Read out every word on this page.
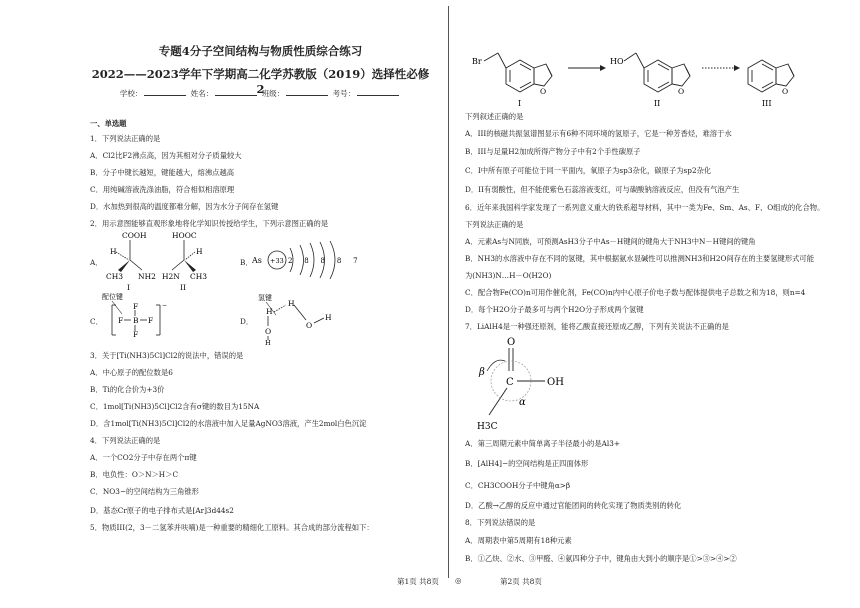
专题4分子空间结构与物质性质综合练习
2022——2023学年下学期高二化学苏教版（2019）选择性必修2
学校：	姓名：	班级：	考号：
一、单选题
1．下列说法正确的是
A．Cl2比F2沸点高，因为其相对分子质量较大
B．分子中键长越短，键能越大，熔沸点越高
C．用纯碱溶液洗涤油脂，符合相似相溶原理
D．水加热到很高的温度都难分解，因为水分子间存在氢键
2．用示意图能够直观形象地将化学知识传授给学生，下列示意图正确的是
A．
COOH
H
CH3 NH2
I
HOOC
H
H2N CH3
II
B． As +33 2 8 8 8 7
C．
配位键
−
F
B
F
F	F	D．
氢键
H
O
H
H
O
H
3．关于[Ti(NH3)5Cl]Cl2的说法中，错误的是
A．中心原子的配位数是6
B．Ti的化合价为+3价
C．1mol[Ti(NH3)5Cl]Cl2含有σ键的数目为15NA
D．含1mol[Ti(NH3)5Cl]Cl2的水溶液中加入足量AgNO3溶液，产生2mol白色沉淀
4．下列说法正确的是
A．一个CO2分子中存在两个π键
B．电负性：O＞N＞H＞C
C．NO3−的空间结构为三角锥形
D．基态Cr原子的电子排布式是[Ar]3d44s2
5．物质III(2，3－二氢苯并呋喃)是一种重要的精细化工原料。其合成的部分流程如下：
Br
O
I
HO
O
II
O
III
下列叙述正确的是
A．III的核磁共振氢谱图显示有6种不同环境的氢原子，它是一种芳香烃，难溶于水
B．III与足量H2加成所得产物分子中有2个手性碳原子
C．I中所有原子可能位于同一平面内，氧原子为sp3杂化，碳原子为sp2杂化
D．II有弱酸性，但不能使紫色石蕊溶液变红，可与碳酸钠溶液反应，但没有气泡产生
6．近年来我国科学家发现了一系列意义重大的铁系超导材料，其中一类为Fe、Sm、As、F、O组成的化合物。
下列说法正确的是
A．元素As与N同族，可预测AsH3分子中As－H键间的键角大于NH3中N－H键间的键角
B．NH3的水溶液中存在不同的氢键，其中根据氨水显碱性可以推测NH3和H2O间存在的主要氢键形式可能
为(NH3)N…H－O(H2O)
C．配合物Fe(CO)n可用作催化剂，Fe(CO)n内中心原子价电子数与配体提供电子总数之和为18，则n=4
D．每个H2O分子最多可与两个H2O分子形成两个氢键
7．LiAlH4是一种强还原剂，能将乙酸直接还原成乙醇，下列有关说法不正确的是
O
C	OH
H3C
β
α
A．第三周期元素中简单离子半径最小的是Al3+
B．[AlH4]−的空间结构是正四面体形
C．CH3COOH分子中键角α>β
D．乙酸→乙醇的反应中通过官能团间的转化实现了物质类别的转化
8．下列说法错误的是
A．周期表中第5周期有18种元素
B．①乙炔、②水、③甲醛、④氨四种分子中，键角由大到小的顺序是①>③>④>②
第1页 共8页 ◎	第2页 共8页
